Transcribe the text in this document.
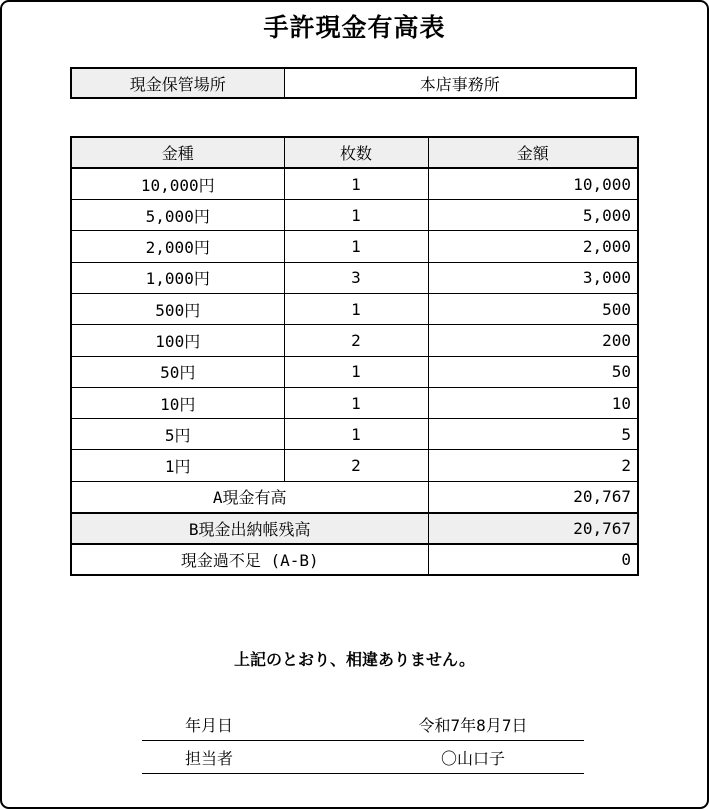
手許現金有高表
現金保管場所	本店事務所
金種	枚数	金額
10,000円	1	10,000
5,000円	1	5,000
2,000円	1	2,000
1,000円	3	3,000
500円	1	500
100円	2	200
50円	1	50
10円	1	10
5円	1	5
1円	2	2
A現金有高		20,767
B現金出納帳残高		20,767
現金過不足 (A-B)		0
上記のとおり、相違ありません。
年月日	令和7年8月7日
担当者	〇山口子
